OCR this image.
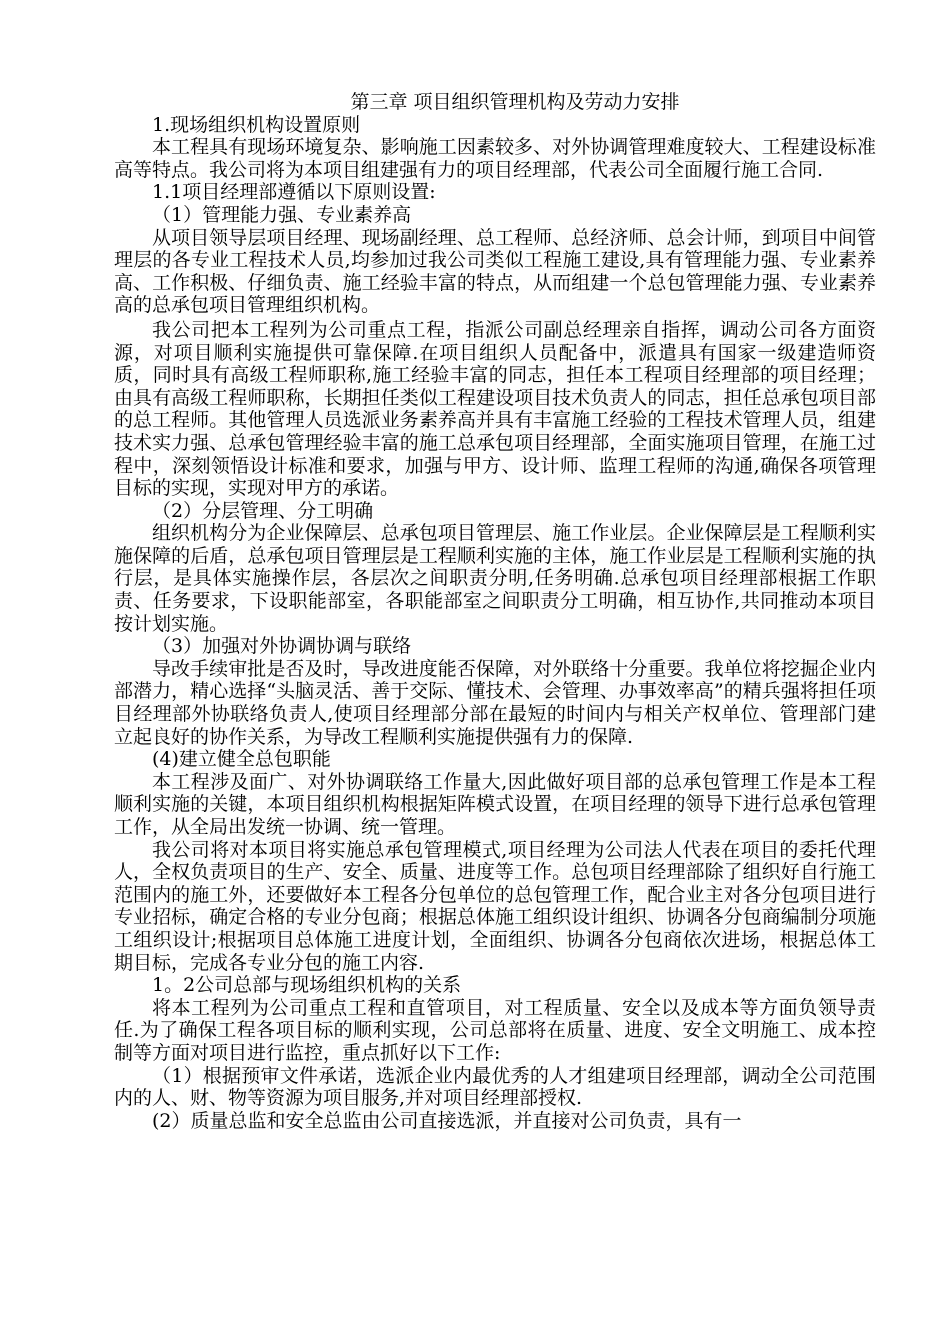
第三章 项目组织管理机构及劳动力安排

1.现场组织机构设置原则

本工程具有现场环境复杂、影响施工因素较多、对外协调管理难度较大、工程建设标准高等特点。我公司将为本项目组建强有力的项目经理部，代表公司全面履行施工合同.

1.1项目经理部遵循以下原则设置:

（1）管理能力强、专业素养高

从项目领导层项目经理、现场副经理、总工程师、总经济师、总会计师，到项目中间管理层的各专业工程技术人员,均参加过我公司类似工程施工建设,具有管理能力强、专业素养高、工作积极、仔细负责、施工经验丰富的特点，从而组建一个总包管理能力强、专业素养高的总承包项目管理组织机构。

我公司把本工程列为公司重点工程，指派公司副总经理亲自指挥，调动公司各方面资源，对项目顺利实施提供可靠保障.在项目组织人员配备中，派遣具有国家一级建造师资质，同时具有高级工程师职称,施工经验丰富的同志，担任本工程项目经理部的项目经理；由具有高级工程师职称，长期担任类似工程建设项目技术负责人的同志，担任总承包项目部的总工程师。其他管理人员选派业务素养高并具有丰富施工经验的工程技术管理人员，组建技术实力强、总承包管理经验丰富的施工总承包项目经理部，全面实施项目管理，在施工过程中，深刻领悟设计标准和要求，加强与甲方、设计师、监理工程师的沟通,确保各项管理目标的实现，实现对甲方的承诺。

（2）分层管理、分工明确

组织机构分为企业保障层、总承包项目管理层、施工作业层。企业保障层是工程顺利实施保障的后盾，总承包项目管理层是工程顺利实施的主体，施工作业层是工程顺利实施的执行层，是具体实施操作层，各层次之间职责分明,任务明确.总承包项目经理部根据工作职责、任务要求，下设职能部室，各职能部室之间职责分工明确，相互协作,共同推动本项目按计划实施。

（3）加强对外协调协调与联络

导改手续审批是否及时，导改进度能否保障，对外联络十分重要。我单位将挖掘企业内部潜力，精心选择“头脑灵活、善于交际、懂技术、会管理、办事效率高”的精兵强将担任项目经理部外协联络负责人,使项目经理部分部在最短的时间内与相关产权单位、管理部门建立起良好的协作关系，为导改工程顺利实施提供强有力的保障.

(4)建立健全总包职能

本工程涉及面广、对外协调联络工作量大,因此做好项目部的总承包管理工作是本工程顺利实施的关键，本项目组织机构根据矩阵模式设置，在项目经理的领导下进行总承包管理工作，从全局出发统一协调、统一管理。

我公司将对本项目将实施总承包管理模式,项目经理为公司法人代表在项目的委托代理人，全权负责项目的生产、安全、质量、进度等工作。总包项目经理部除了组织好自行施工范围内的施工外，还要做好本工程各分包单位的总包管理工作，配合业主对各分包项目进行专业招标，确定合格的专业分包商；根据总体施工组织设计组织、协调各分包商编制分项施工组织设计;根据项目总体施工进度计划，全面组织、协调各分包商依次进场，根据总体工期目标，完成各专业分包的施工内容.

1。2公司总部与现场组织机构的关系

将本工程列为公司重点工程和直管项目，对工程质量、安全以及成本等方面负领导责任.为了确保工程各项目标的顺利实现，公司总部将在质量、进度、安全文明施工、成本控制等方面对项目进行监控，重点抓好以下工作:

（1）根据预审文件承诺，选派企业内最优秀的人才组建项目经理部，调动全公司范围内的人、财、物等资源为项目服务,并对项目经理部授权.

(2）质量总监和安全总监由公司直接选派，并直接对公司负责，具有一
